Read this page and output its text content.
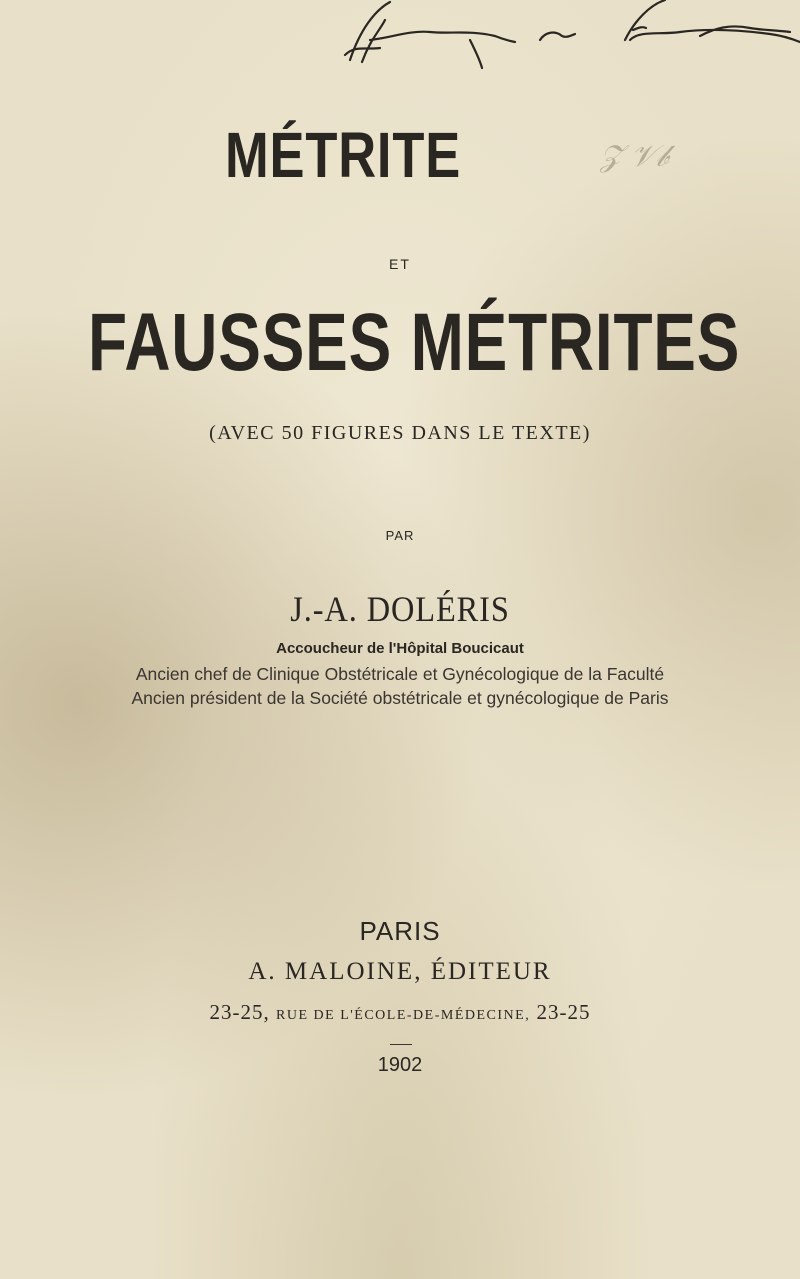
MÉTRITE	𝒵 𝒱𝒷
ET
FAUSSES MÉTRITES
(AVEC 50 FIGURES DANS LE TEXTE)
PAR
J.-A. DOLÉRIS
Accoucheur de l'Hôpital Boucicaut
Ancien chef de Clinique Obstétricale et Gynécologique de la Faculté
Ancien président de la Société obstétricale et gynécologique de Paris
PARIS
A. MALOINE, ÉDITEUR
23-25, RUE DE L'ÉCOLE-DE-MÉDECINE, 23-25
1902
